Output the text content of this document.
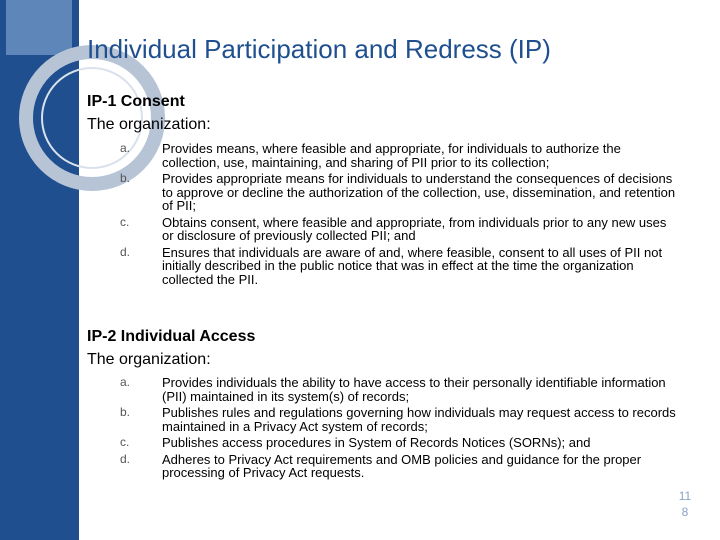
Individual Participation and Redress (IP)
IP-1 Consent

The organization:

a. Provides means, where feasible and appropriate, for individuals to authorize the collection, use, maintaining, and sharing of PII prior to its collection;
b. Provides appropriate means for individuals to understand the consequences of decisions to approve or decline the authorization of the collection, use, dissemination, and retention of PII;
c.	Obtains consent, where feasible and appropriate, from individuals prior to any new uses or disclosure of previously collected PII; and
d. Ensures that individuals are aware of and, where feasible, consent to all uses of PII not initially described in the public notice that was in effect at the time the organization collected the PII.
IP-2 Individual Access

The organization:

a. Provides individuals the ability to have access to their personally identifiable information (PII) maintained in its system(s) of records;
b. Publishes rules and regulations governing how individuals may request access to records maintained in a Privacy Act system of records;
c.	Publishes access procedures in System of Records Notices (SORNs); and
d. Adheres to Privacy Act requirements and OMB policies and guidance for the proper processing of Privacy Act requests.
11
8
